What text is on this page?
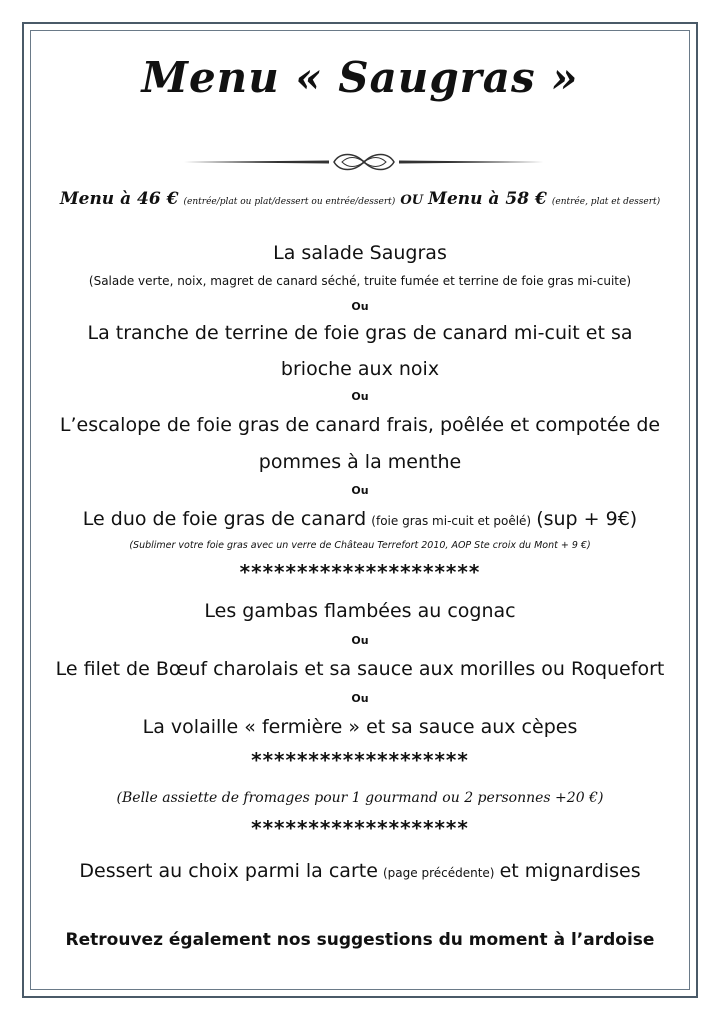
Menu « Saugras »
Menu à 46 € (entrée/plat ou plat/dessert ou entrée/dessert) OU Menu à 58 € (entrée, plat et dessert)
La salade Saugras
(Salade verte, noix, magret de canard séché, truite fumée et terrine de foie gras mi-cuite)
Ou
La tranche de terrine de foie gras de canard mi-cuit et sa
brioche aux noix
Ou
L’escalope de foie gras de canard frais, poêlée et compotée de
pommes à la menthe
Ou
Le duo de foie gras de canard (foie gras mi-cuit et poêlé) (sup + 9€)
(Sublimer votre foie gras avec un verre de Château Terrefort 2010, AOP Ste croix du Mont + 9 €)
*********************
Les gambas flambées au cognac
Ou
Le filet de Bœuf charolais et sa sauce aux morilles ou Roquefort
Ou
La volaille « fermière » et sa sauce aux cèpes
*******************
(Belle assiette de fromages pour 1 gourmand ou 2 personnes +20 €)
*******************
Dessert au choix parmi la carte (page précédente) et mignardises
Retrouvez également nos suggestions du moment à l’ardoise
